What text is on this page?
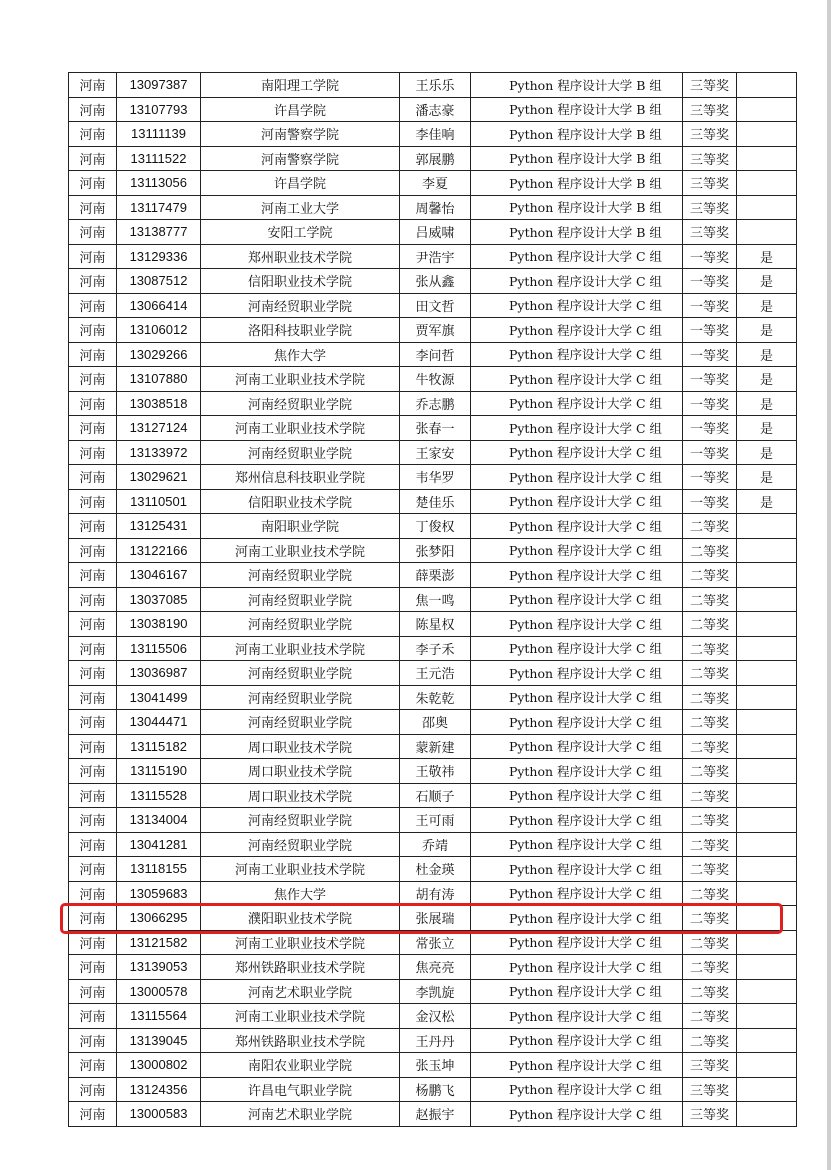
河南	13097387	南阳理工学院	王乐乐	Python 程序设计大学 B 组	三等奖	
河南	13107793	许昌学院	潘志豪	Python 程序设计大学 B 组	三等奖	
河南	13111139	河南警察学院	李佳响	Python 程序设计大学 B 组	三等奖	
河南	13111522	河南警察学院	郭展鹏	Python 程序设计大学 B 组	三等奖	
河南	13113056	许昌学院	李夏	Python 程序设计大学 B 组	三等奖	
河南	13117479	河南工业大学	周馨怡	Python 程序设计大学 B 组	三等奖	
河南	13138777	安阳工学院	吕威啸	Python 程序设计大学 B 组	三等奖	
河南	13129336	郑州职业技术学院	尹浩宇	Python 程序设计大学 C 组	一等奖	是
河南	13087512	信阳职业技术学院	张从鑫	Python 程序设计大学 C 组	一等奖	是
河南	13066414	河南经贸职业学院	田文哲	Python 程序设计大学 C 组	一等奖	是
河南	13106012	洛阳科技职业学院	贾军旗	Python 程序设计大学 C 组	一等奖	是
河南	13029266	焦作大学	李问哲	Python 程序设计大学 C 组	一等奖	是
河南	13107880	河南工业职业技术学院	牛牧源	Python 程序设计大学 C 组	一等奖	是
河南	13038518	河南经贸职业学院	乔志鹏	Python 程序设计大学 C 组	一等奖	是
河南	13127124	河南工业职业技术学院	张春一	Python 程序设计大学 C 组	一等奖	是
河南	13133972	河南经贸职业学院	王家安	Python 程序设计大学 C 组	一等奖	是
河南	13029621	郑州信息科技职业学院	韦华罗	Python 程序设计大学 C 组	一等奖	是
河南	13110501	信阳职业技术学院	楚佳乐	Python 程序设计大学 C 组	一等奖	是
河南	13125431	南阳职业学院	丁俊权	Python 程序设计大学 C 组	二等奖	
河南	13122166	河南工业职业技术学院	张梦阳	Python 程序设计大学 C 组	二等奖	
河南	13046167	河南经贸职业学院	薛栗澎	Python 程序设计大学 C 组	二等奖	
河南	13037085	河南经贸职业学院	焦一鸣	Python 程序设计大学 C 组	二等奖	
河南	13038190	河南经贸职业学院	陈星权	Python 程序设计大学 C 组	二等奖	
河南	13115506	河南工业职业技术学院	李子禾	Python 程序设计大学 C 组	二等奖	
河南	13036987	河南经贸职业学院	王元浩	Python 程序设计大学 C 组	二等奖	
河南	13041499	河南经贸职业学院	朱乾乾	Python 程序设计大学 C 组	二等奖	
河南	13044471	河南经贸职业学院	邵奥	Python 程序设计大学 C 组	二等奖	
河南	13115182	周口职业技术学院	蒙新建	Python 程序设计大学 C 组	二等奖	
河南	13115190	周口职业技术学院	王敬祎	Python 程序设计大学 C 组	二等奖	
河南	13115528	周口职业技术学院	石顺子	Python 程序设计大学 C 组	二等奖	
河南	13134004	河南经贸职业学院	王可雨	Python 程序设计大学 C 组	二等奖	
河南	13041281	河南经贸职业学院	乔靖	Python 程序设计大学 C 组	二等奖	
河南	13118155	河南工业职业技术学院	杜金瑛	Python 程序设计大学 C 组	二等奖	
河南	13059683	焦作大学	胡有涛	Python 程序设计大学 C 组	二等奖	
河南	13066295	濮阳职业技术学院	张展瑞	Python 程序设计大学 C 组	二等奖	
河南	13121582	河南工业职业技术学院	常张立	Python 程序设计大学 C 组	二等奖	
河南	13139053	郑州铁路职业技术学院	焦亮亮	Python 程序设计大学 C 组	二等奖	
河南	13000578	河南艺术职业学院	李凯旋	Python 程序设计大学 C 组	二等奖	
河南	13115564	河南工业职业技术学院	金汉松	Python 程序设计大学 C 组	二等奖	
河南	13139045	郑州铁路职业技术学院	王丹丹	Python 程序设计大学 C 组	二等奖	
河南	13000802	南阳农业职业学院	张玉坤	Python 程序设计大学 C 组	三等奖	
河南	13124356	许昌电气职业学院	杨鹏飞	Python 程序设计大学 C 组	三等奖	
河南	13000583	河南艺术职业学院	赵振宇	Python 程序设计大学 C 组	三等奖	
